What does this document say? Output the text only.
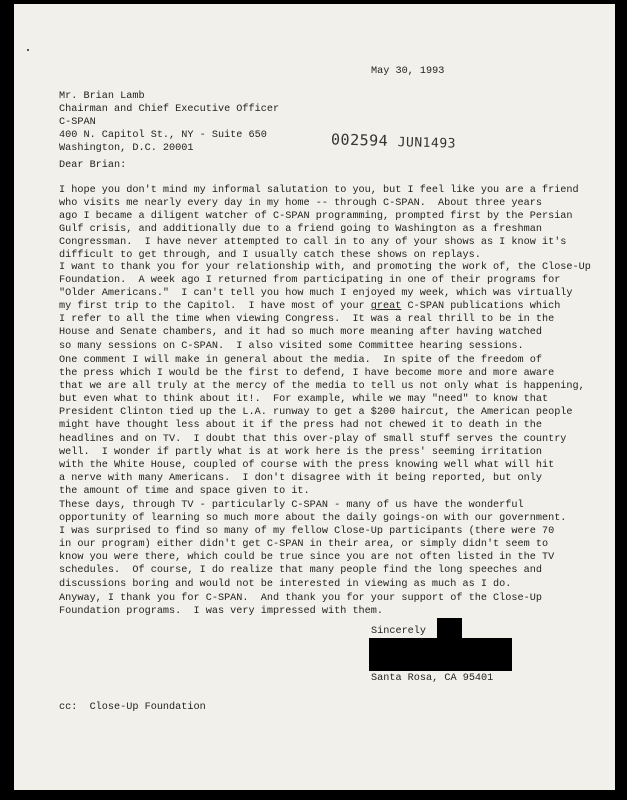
May 30, 1993
Mr. Brian Lamb
Chairman and Chief Executive Officer
C-SPAN
400 N. Capitol St., NY - Suite 650
Washington, D.C. 20001	002594 JUN1493
Dear Brian:
I hope you don't mind my informal salutation to you, but I feel like you are a friend
who visits me nearly every day in my home -- through C-SPAN.  About three years
ago I became a diligent watcher of C-SPAN programming, prompted first by the Persian
Gulf crisis, and additionally due to a friend going to Washington as a freshman
Congressman.  I have never attempted to call in to any of your shows as I know it's
difficult to get through, and I usually catch these shows on replays.
I want to thank you for your relationship with, and promoting the work of, the Close-Up
Foundation.  A week ago I returned from participating in one of their programs for
"Older Americans."  I can't tell you how much I enjoyed my week, which was virtually
my first trip to the Capitol.  I have most of your great C-SPAN publications which
I refer to all the time when viewing Congress.  It was a real thrill to be in the
House and Senate chambers, and it had so much more meaning after having watched
so many sessions on C-SPAN.  I also visited some Committee hearing sessions.
One comment I will make in general about the media.  In spite of the freedom of
the press which I would be the first to defend, I have become more and more aware
that we are all truly at the mercy of the media to tell us not only what is happening,
but even what to think about it!.  For example, while we may "need" to know that
President Clinton tied up the L.A. runway to get a $200 haircut, the American people
might have thought less about it if the press had not chewed it to death in the
headlines and on TV.  I doubt that this over-play of small stuff serves the country
well.  I wonder if partly what is at work here is the press' seeming irritation
with the White House, coupled of course with the press knowing well what will hit
a nerve with many Americans.  I don't disagree with it being reported, but only
the amount of time and space given to it.
These days, through TV - particularly C-SPAN - many of us have the wonderful
opportunity of learning so much more about the daily goings-on with our government.
I was surprised to find so many of my fellow Close-Up participants (there were 70
in our program) either didn't get C-SPAN in their area, or simply didn't seem to
know you were there, which could be true since you are not often listed in the TV
schedules.  Of course, I do realize that many people find the long speeches and
discussions boring and would not be interested in viewing as much as I do.
Anyway, I thank you for C-SPAN.  And thank you for your support of the Close-Up
Foundation programs.  I was very impressed with them.
Sincerely
Santa Rosa, CA 95401
cc:  Close-Up Foundation
